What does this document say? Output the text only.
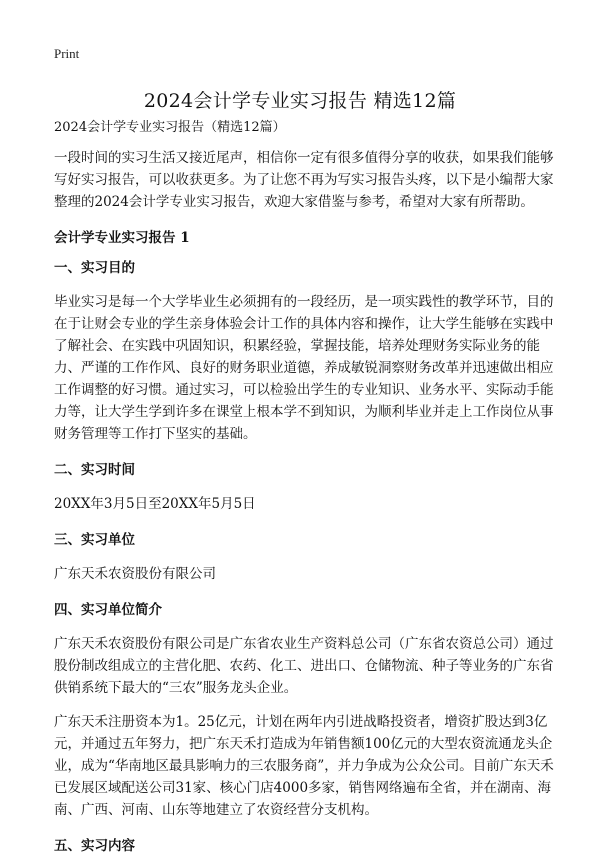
Print
2024会计学专业实习报告 精选12篇

2024会计学专业实习报告（精选12篇）

一段时间的实习生活又接近尾声，相信你一定有很多值得分享的收获，如果我们能够写好实习报告，可以收获更多。为了让您不再为写实习报告头疼，以下是小编帮大家整理的2024会计学专业实习报告，欢迎大家借鉴与参考，希望对大家有所帮助。

会计学专业实习报告 1
一、实习目的

毕业实习是每一个大学毕业生必须拥有的一段经历，是一项实践性的教学环节，目的在于让财会专业的学生亲身体验会计工作的具体内容和操作，让大学生能够在实践中了解社会、在实践中巩固知识，积累经验，掌握技能，培养处理财务实际业务的能力、严谨的工作作风、良好的财务职业道德，养成敏锐洞察财务改革并迅速做出相应工作调整的好习惯。通过实习，可以检验出学生的专业知识、业务水平、实际动手能力等，让大学生学到许多在课堂上根本学不到知识，为顺利毕业并走上工作岗位从事财务管理等工作打下坚实的基础。

二、实习时间

20XX年3月5日至20XX年5月5日

三、实习单位

广东天禾农资股份有限公司

四、实习单位简介

广东天禾农资股份有限公司是广东省农业生产资料总公司（广东省农资总公司）通过股份制改组成立的主营化肥、农药、化工、进出口、仓储物流、种子等业务的广东省供销系统下最大的“三农”服务龙头企业。

广东天禾注册资本为1。25亿元，计划在两年内引进战略投资者，增资扩股达到3亿元，并通过五年努力，把广东天禾打造成为年销售额100亿元的大型农资流通龙头企业，成为“华南地区最具影响力的三农服务商”，并力争成为公众公司。目前广东天禾已发展区域配送公司31家、核心门店4000多家，销售网络遍布全省，并在湖南、海南、广西、河南、山东等地建立了农资经营分支机构。

五、实习内容
